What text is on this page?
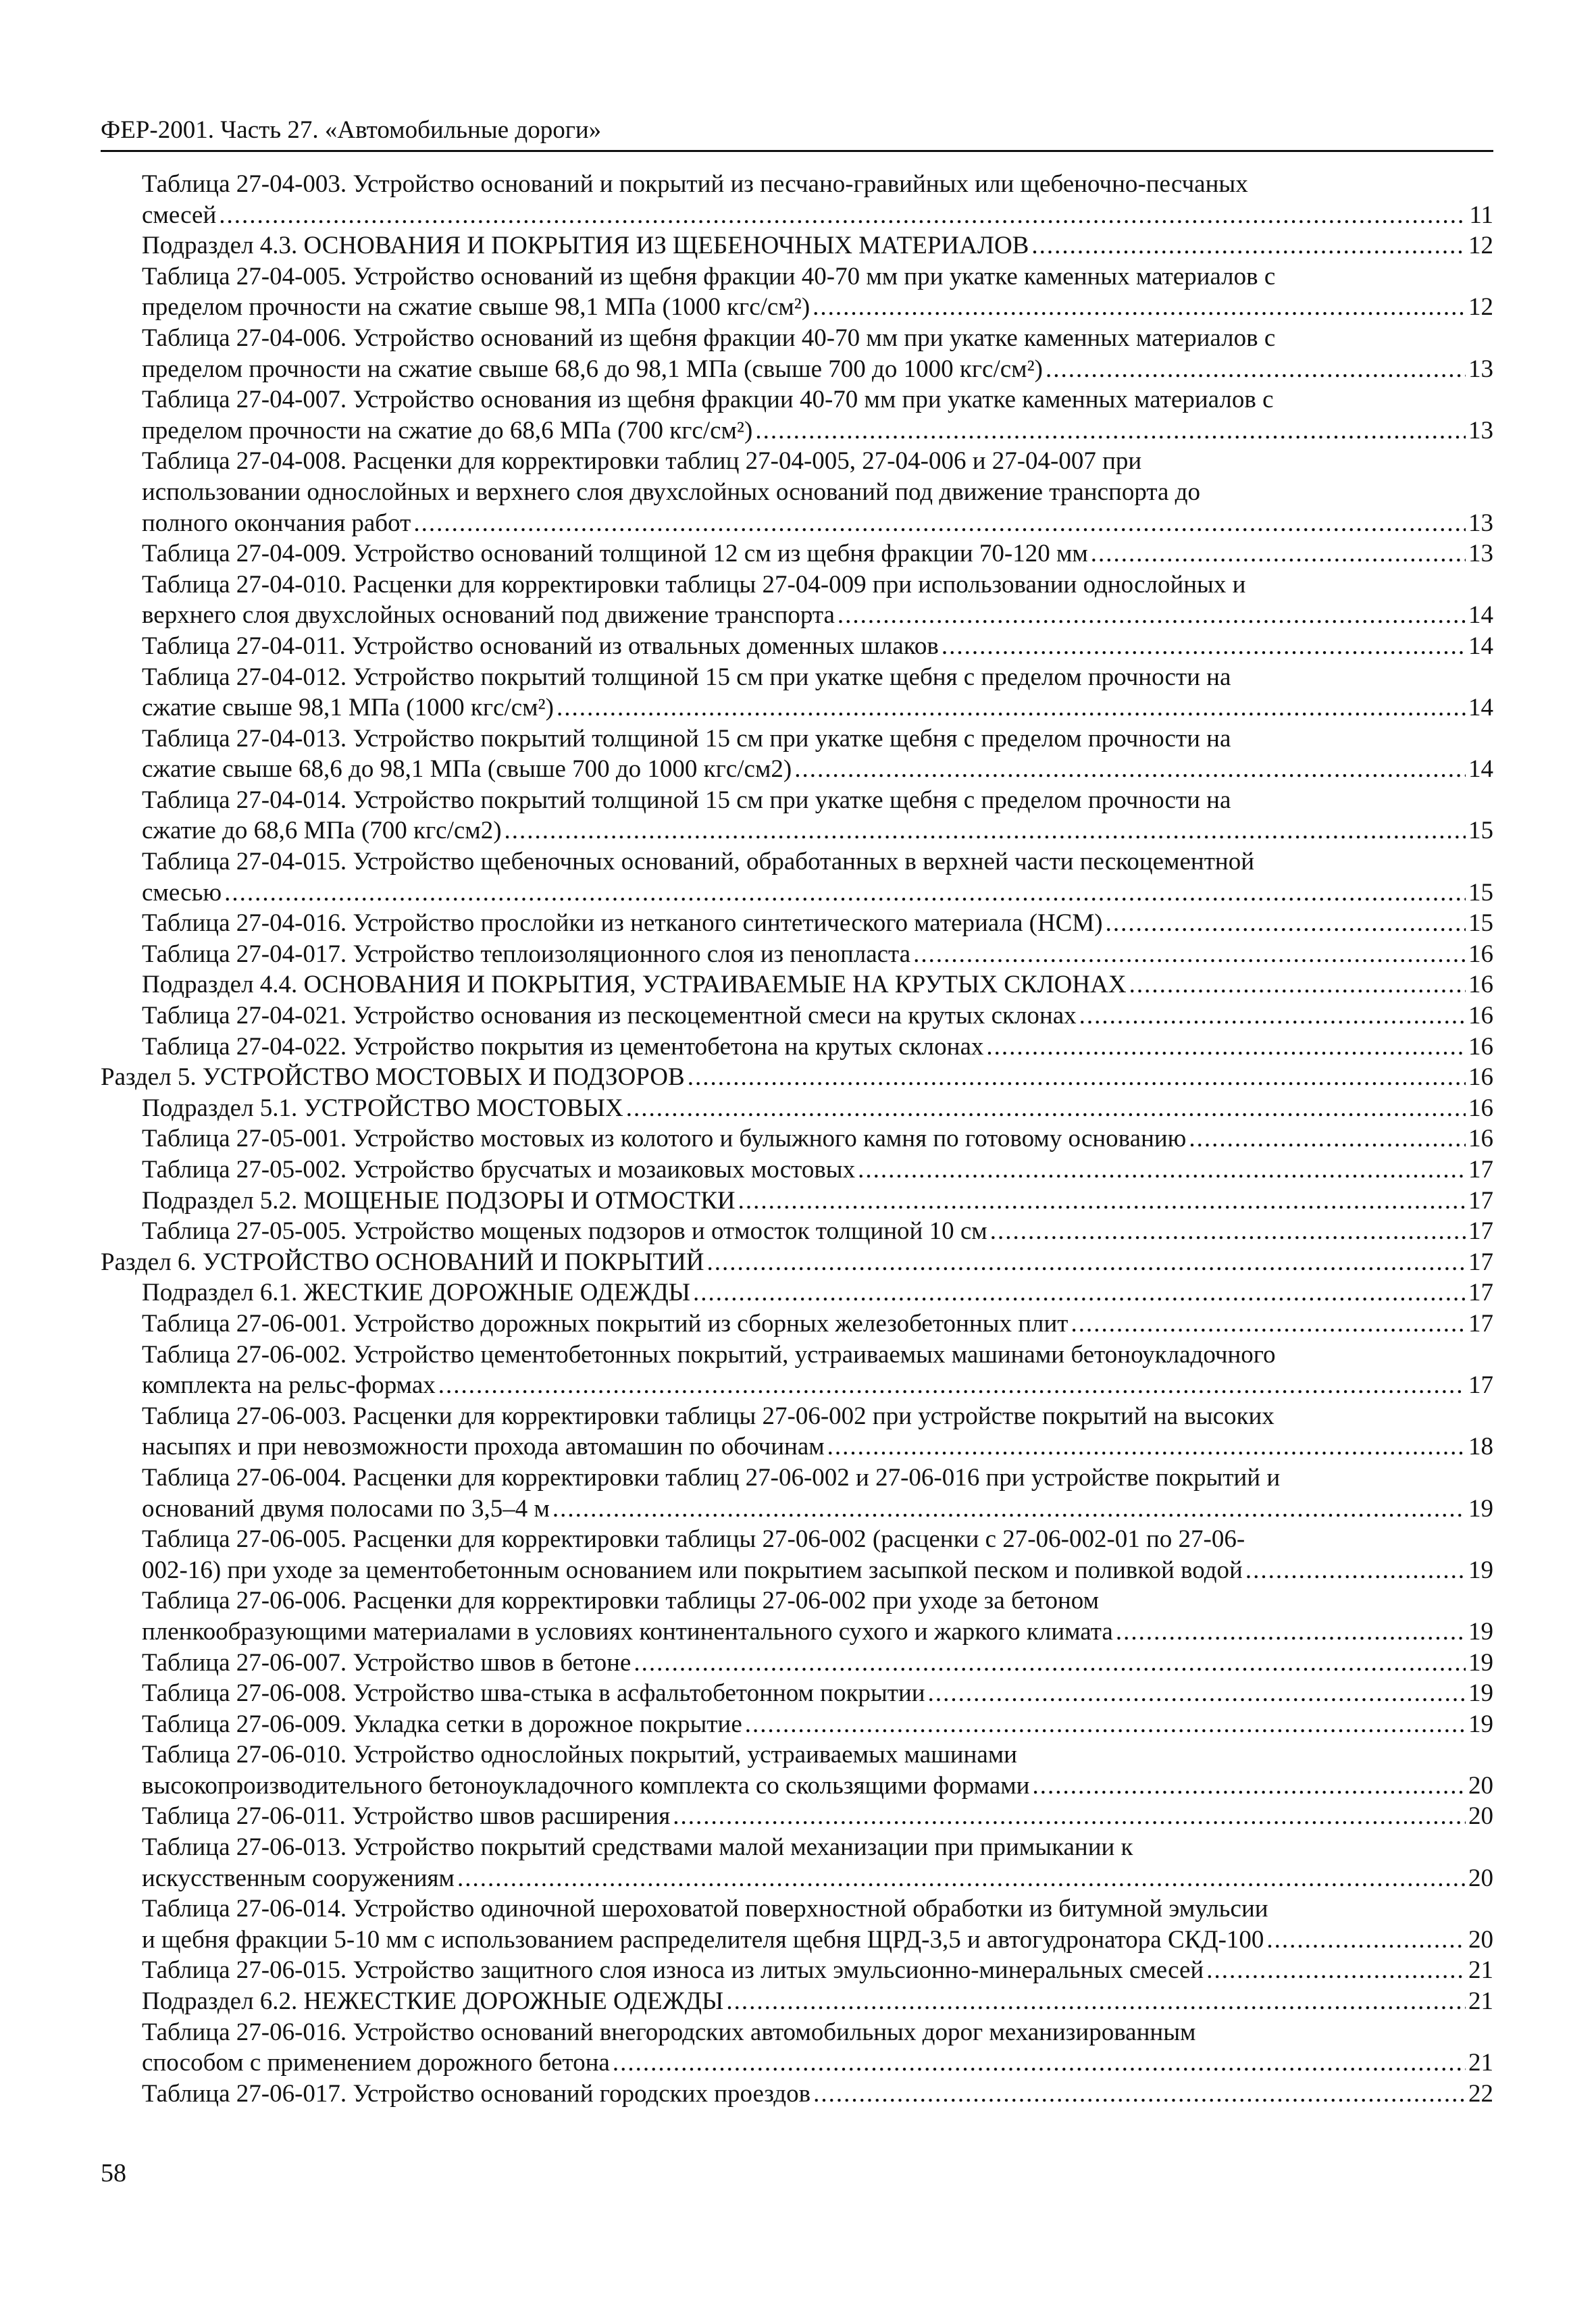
ФЕР-2001. Часть 27. «Автомобильные дороги»
Таблица 27-04-003. Устройство оснований и покрытий из песчано-гравийных или щебеночно-песчаных
смесей .....	11
Подраздел 4.3. ОСНОВАНИЯ И ПОКРЫТИЯ ИЗ ЩЕБЕНОЧНЫХ МАТЕРИАЛОВ .....	12
Таблица 27-04-005. Устройство оснований из щебня фракции 40-70 мм при укатке каменных материалов с
пределом прочности на сжатие свыше 98,1 МПа (1000 кгс/см²) .....	12
Таблица 27-04-006. Устройство оснований из щебня фракции 40-70 мм при укатке каменных материалов с
пределом прочности на сжатие свыше 68,6 до 98,1 МПа (свыше 700 до 1000 кгс/см²) .....	13
Таблица 27-04-007. Устройство основания из щебня фракции 40-70 мм при укатке каменных материалов с
пределом прочности на сжатие до 68,6 МПа (700 кгс/см²) .....	13
Таблица 27-04-008. Расценки для корректировки таблиц 27-04-005, 27-04-006 и 27-04-007 при
использовании однослойных и верхнего слоя двухслойных оснований под движение транспорта до
полного окончания работ .....	13
Таблица 27-04-009. Устройство оснований толщиной 12 см из щебня фракции 70-120 мм .....	13
Таблица 27-04-010. Расценки для корректировки таблицы 27-04-009 при использовании однослойных и
верхнего слоя двухслойных оснований под движение транспорта .....	14
Таблица 27-04-011. Устройство оснований из отвальных доменных шлаков .....	14
Таблица 27-04-012. Устройство покрытий толщиной 15 см при укатке щебня с пределом прочности на
сжатие свыше 98,1 МПа (1000 кгс/см²) .....	14
Таблица 27-04-013. Устройство покрытий толщиной 15 см при укатке щебня с пределом прочности на
сжатие свыше 68,6 до 98,1 МПа (свыше 700 до 1000 кгс/см2) .....	14
Таблица 27-04-014. Устройство покрытий толщиной 15 см при укатке щебня с пределом прочности на
сжатие до 68,6 МПа (700 кгс/см2) .....	15
Таблица 27-04-015. Устройство щебеночных оснований, обработанных в верхней части пескоцементной
смесью .....	15
Таблица 27-04-016. Устройство прослойки из нетканого синтетического материала (НСМ) .....	15
Таблица 27-04-017. Устройство теплоизоляционного слоя из пенопласта .....	16
Подраздел 4.4. ОСНОВАНИЯ И ПОКРЫТИЯ, УСТРАИВАЕМЫЕ НА КРУТЫХ СКЛОНАХ .....	16
Таблица 27-04-021. Устройство основания из пескоцементной смеси на крутых склонах .....	16
Таблица 27-04-022. Устройство покрытия из цементобетона на крутых склонах .....	16
Раздел 5. УСТРОЙСТВО МОСТОВЫХ И ПОДЗОРОВ .....	16
Подраздел 5.1. УСТРОЙСТВО МОСТОВЫХ .....	16
Таблица 27-05-001. Устройство мостовых из колотого и булыжного камня по готовому основанию .....	16
Таблица 27-05-002. Устройство брусчатых и мозаиковых мостовых .....	17
Подраздел 5.2. МОЩЕНЫЕ ПОДЗОРЫ И ОТМОСТКИ .....	17
Таблица 27-05-005. Устройство мощеных подзоров и отмосток толщиной 10 см .....	17
Раздел 6. УСТРОЙСТВО ОСНОВАНИЙ И ПОКРЫТИЙ .....	17
Подраздел 6.1. ЖЕСТКИЕ ДОРОЖНЫЕ ОДЕЖДЫ .....	17
Таблица 27-06-001. Устройство дорожных покрытий из сборных железобетонных плит .....	17
Таблица 27-06-002. Устройство цементобетонных покрытий, устраиваемых машинами бетоноукладочного
комплекта на рельс-формах .....	17
Таблица 27-06-003. Расценки для корректировки таблицы 27-06-002 при устройстве покрытий на высоких
насыпях и при невозможности прохода автомашин по обочинам .....	18
Таблица 27-06-004. Расценки для корректировки таблиц 27-06-002 и 27-06-016 при устройстве покрытий и
оснований двумя полосами по 3,5–4 м .....	19
Таблица 27-06-005. Расценки для корректировки таблицы 27-06-002 (расценки с 27-06-002-01 по 27-06-
002-16) при уходе за цементобетонным основанием или покрытием засыпкой песком и поливкой водой .....	19
Таблица 27-06-006. Расценки для корректировки таблицы 27-06-002 при уходе за бетоном
пленкообразующими материалами в условиях континентального сухого и жаркого климата .....	19
Таблица 27-06-007. Устройство швов в бетоне .....	19
Таблица 27-06-008. Устройство шва-стыка в асфальтобетонном покрытии .....	19
Таблица 27-06-009. Укладка сетки в дорожное покрытие .....	19
Таблица 27-06-010. Устройство однослойных покрытий, устраиваемых машинами
высокопроизводительного бетоноукладочного комплекта со скользящими формами .....	20
Таблица 27-06-011. Устройство швов расширения .....	20
Таблица 27-06-013. Устройство покрытий средствами малой механизации при примыкании к
искусственным сооружениям .....	20
Таблица 27-06-014. Устройство одиночной шероховатой поверхностной обработки из битумной эмульсии
и щебня фракции 5-10 мм с использованием распределителя щебня ЩРД-3,5 и автогудронатора СКД-100 .....	20
Таблица 27-06-015. Устройство защитного слоя износа из литых эмульсионно-минеральных смесей .....	21
Подраздел 6.2. НЕЖЕСТКИЕ ДОРОЖНЫЕ ОДЕЖДЫ .....	21
Таблица 27-06-016. Устройство оснований внегородских автомобильных дорог механизированным
способом с применением дорожного бетона .....	21
Таблица 27-06-017. Устройство оснований городских проездов .....	22
58
